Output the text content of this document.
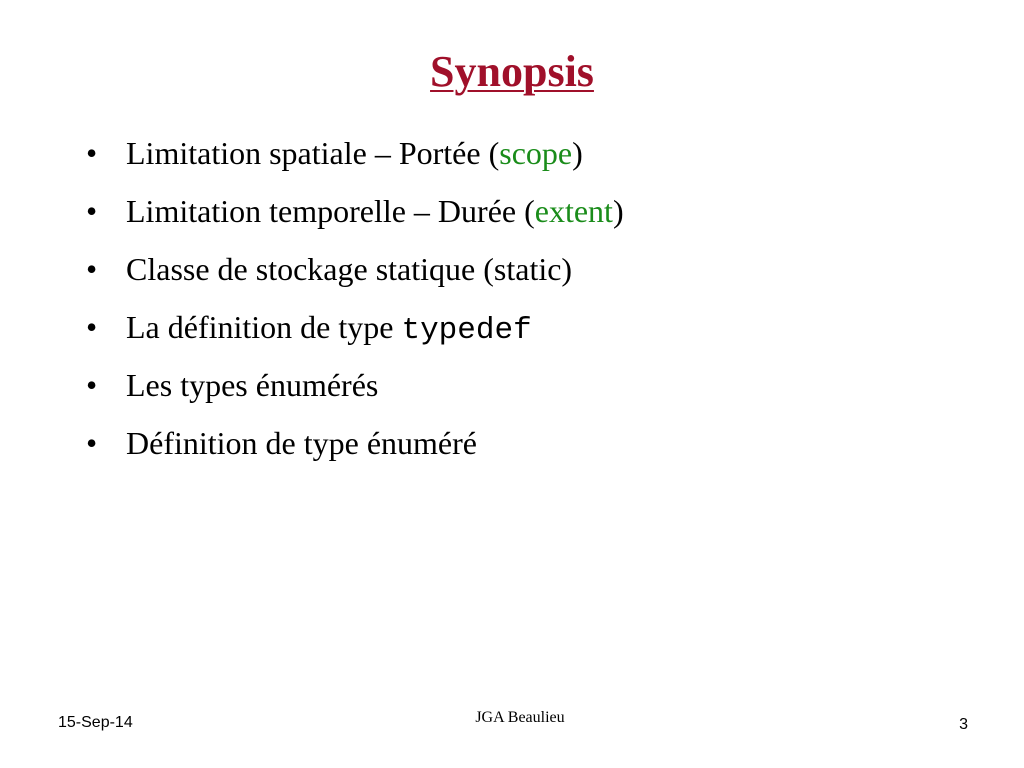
Synopsis
• Limitation spatiale – Portée (scope)
• Limitation temporelle – Durée (extent)
• Classe de stockage statique (static)
• La définition de type typedef
• Les types énumérés
• Définition de type énuméré
15-Sep-14	JGA Beaulieu	3
